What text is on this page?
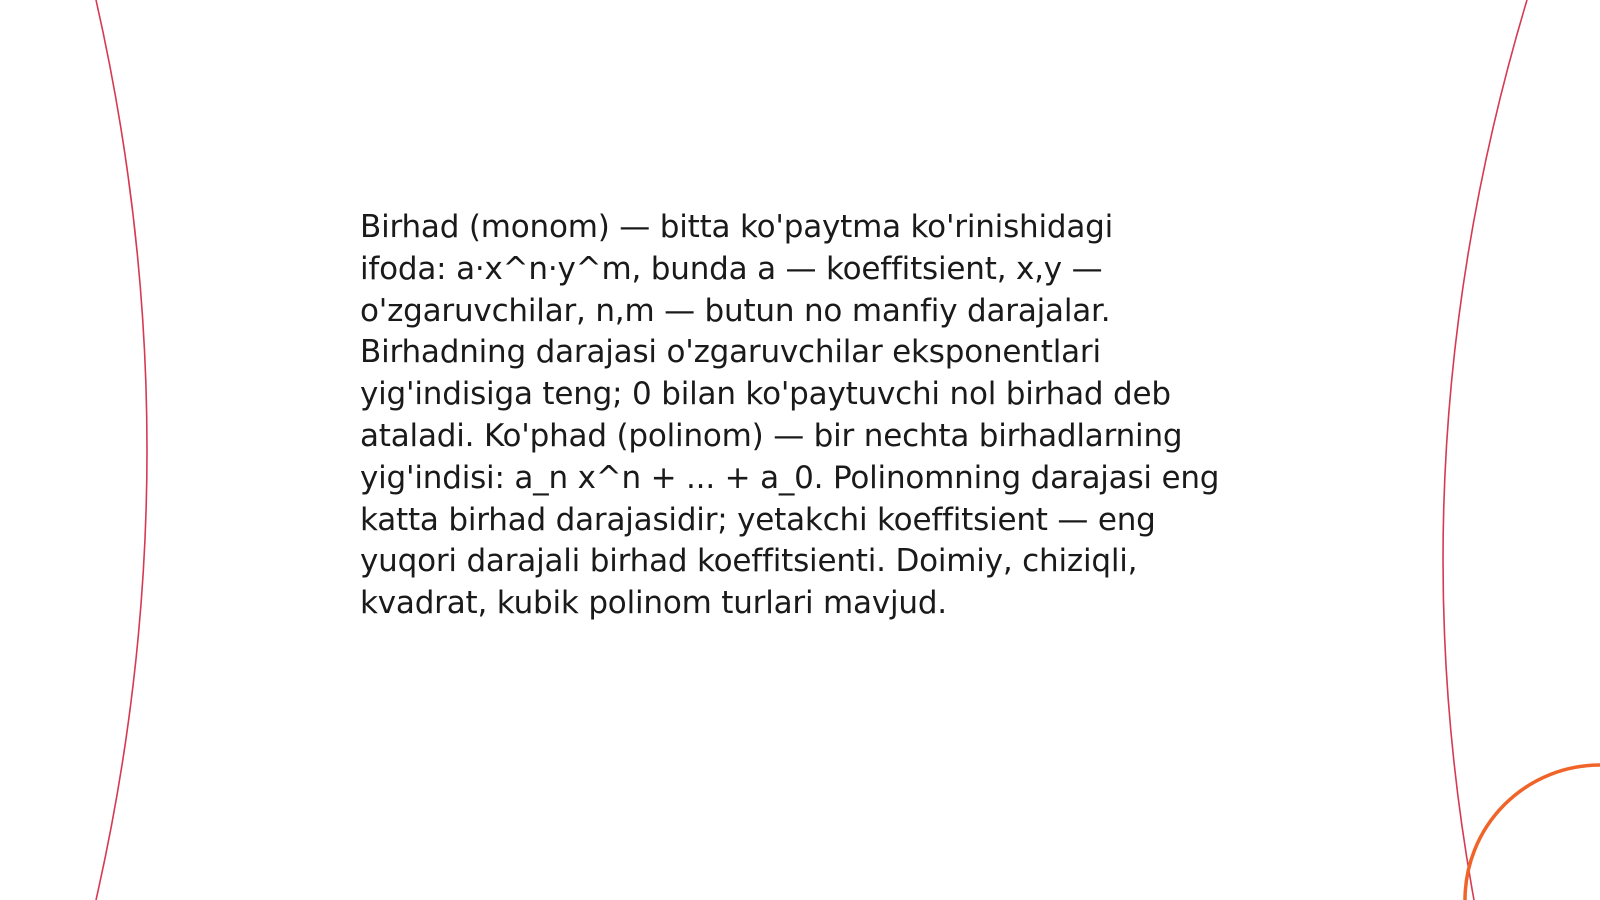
Birhad (monom) — bitta ko'paytma ko'rinishidagi
ifoda: a·x^n·y^m, bunda a — koeffitsient, x,y —
o'zgaruvchilar, n,m — butun no manfiy darajalar.
Birhadning darajasi o'zgaruvchilar eksponentlari
yig'indisiga teng; 0 bilan ko'paytuvchi nol birhad deb
ataladi. Ko'phad (polinom) — bir nechta birhadlarning
yig'indisi: a_n x^n + ... + a_0. Polinomning darajasi eng
katta birhad darajasidir; yetakchi koeffitsient — eng
yuqori darajali birhad koeffitsienti. Doimiy, chiziqli,
kvadrat, kubik polinom turlari mavjud.
